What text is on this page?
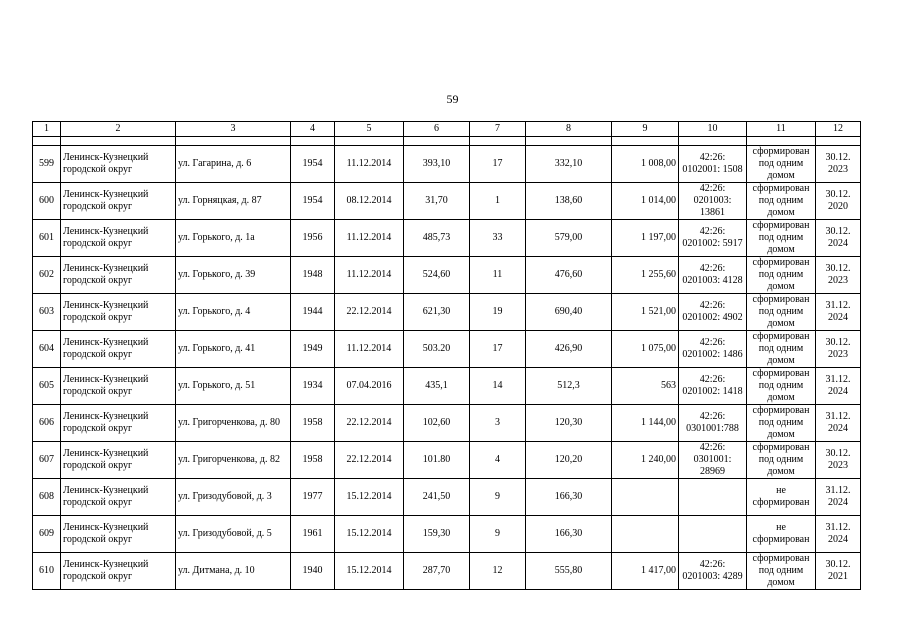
59
1	2	3	4	5	6	7	8	9	10	11	12

599	Ленинск-Кузнецкий городской округ	ул. Гагарина, д. 6	1954	11.12.2014	393,10	17	332,10	1 008,00	42:26: 0102001: 1508	сформирован под одним домом	30.12. 2023
600	Ленинск-Кузнецкий городской округ	ул. Горняцкая, д. 87	1954	08.12.2014	31,70	1	138,60	1 014,00	42:26: 0201003: 13861	сформирован под одним домом	30.12. 2020
601	Ленинск-Кузнецкий городской округ	ул. Горького, д. 1а	1956	11.12.2014	485,73	33	579,00	1 197,00	42:26: 0201002: 5917	сформирован под одним домом	30.12. 2024
602	Ленинск-Кузнецкий городской округ	ул. Горького, д. 39	1948	11.12.2014	524,60	11	476,60	1 255,60	42:26: 0201003: 4128	сформирован под одним домом	30.12. 2023
603	Ленинск-Кузнецкий городской округ	ул. Горького, д. 4	1944	22.12.2014	621,30	19	690,40	1 521,00	42:26: 0201002: 4902	сформирован под одним домом	31.12. 2024
604	Ленинск-Кузнецкий городской округ	ул. Горького, д. 41	1949	11.12.2014	503.20	17	426,90	1 075,00	42:26: 0201002: 1486	сформирован под одним домом	30.12. 2023
605	Ленинск-Кузнецкий городской округ	ул. Горького, д. 51	1934	07.04.2016	435,1	14	512,3	563	42:26: 0201002: 1418	сформирован под одним домом	31.12. 2024
606	Ленинск-Кузнецкий городской округ	ул. Григорченкова, д. 80	1958	22.12.2014	102,60	3	120,30	1 144,00	42:26: 0301001:788	сформирован под одним домом	31.12. 2024
607	Ленинск-Кузнецкий городской округ	ул. Григорченкова, д. 82	1958	22.12.2014	101.80	4	120,20	1 240,00	42:26: 0301001: 28969	сформирован под одним домом	30.12. 2023
608	Ленинск-Кузнецкий городской округ	ул. Гризодубовой, д. 3	1977	15.12.2014	241,50	9	166,30			не сформирован	31.12. 2024
609	Ленинск-Кузнецкий городской округ	ул. Гризодубовой, д. 5	1961	15.12.2014	159,30	9	166,30			не сформирован	31.12. 2024
610	Ленинск-Кузнецкий городской округ	ул. Дитмана, д. 10	1940	15.12.2014	287,70	12	555,80	1 417,00	42:26: 0201003: 4289	сформирован под одним домом	30.12. 2021
